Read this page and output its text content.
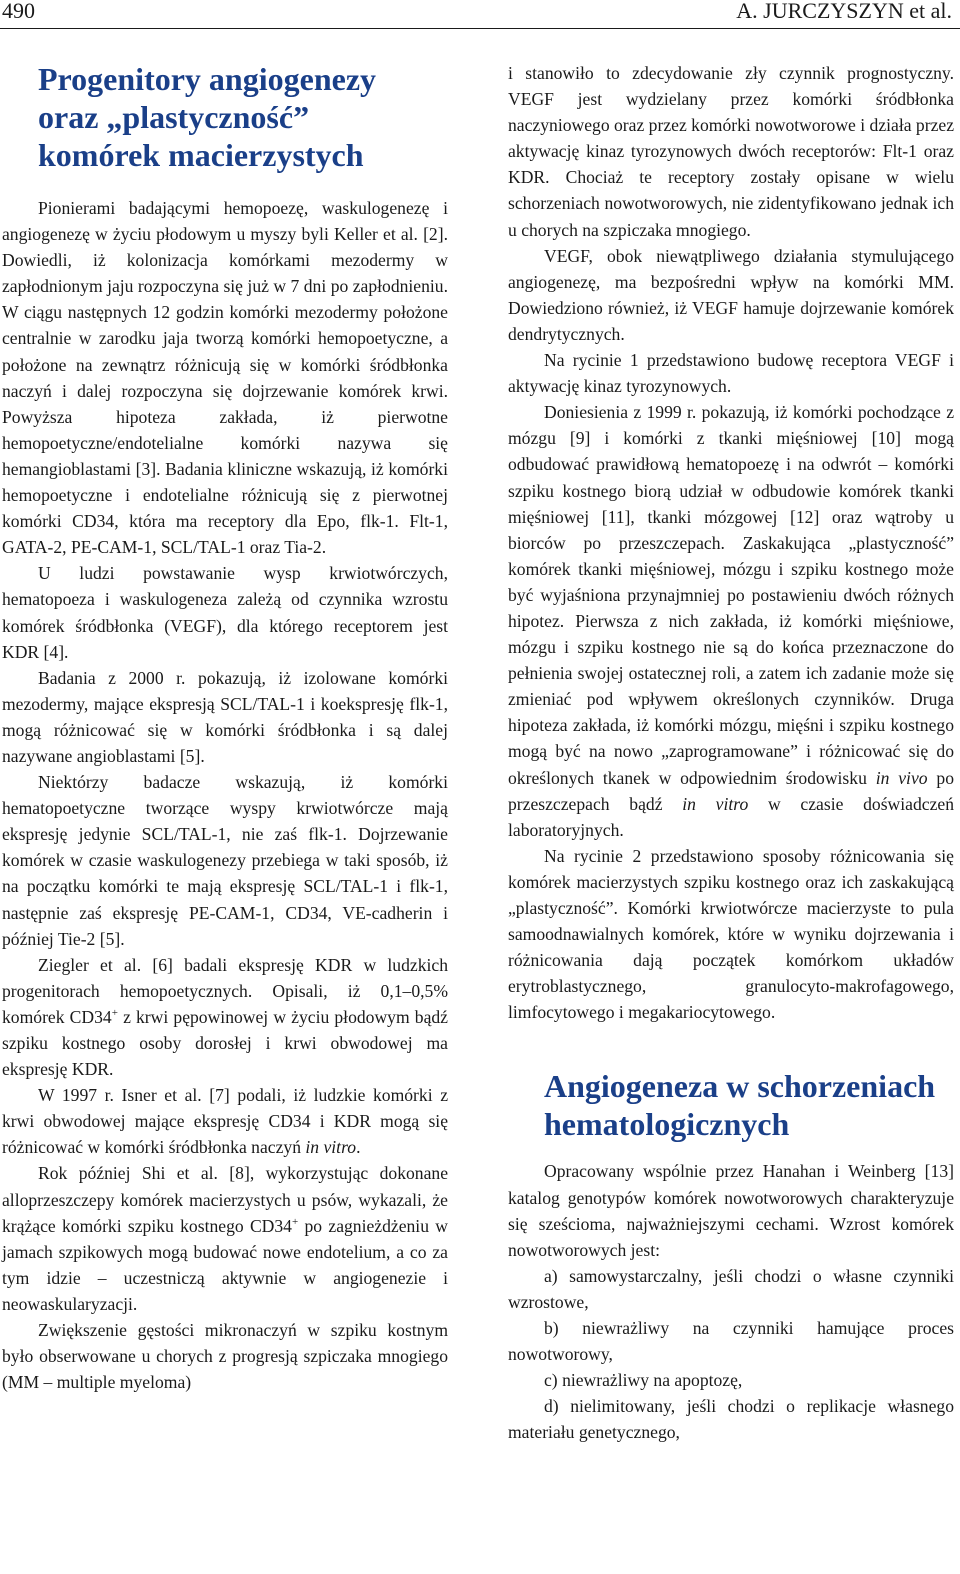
490	A. JURCZYSZYN et al.
Progenitory angiogenezy
oraz „plastyczność”
komórek macierzystych

Pionierami badającymi hemopoezę, waskulogenezę i angiogenezę w życiu płodowym u myszy byli Keller et al. [2]. Dowiedli, iż kolonizacja komórkami mezodermy w zapłodnionym jaju rozpoczyna się już w 7 dni po zapłodnieniu. W ciągu następnych 12 godzin komórki mezodermy położone centralnie w zarodku jaja tworzą komórki hemopoetyczne, a położone na zewnątrz różnicują się w komórki śródbłonka naczyń i dalej rozpoczyna się dojrzewanie komórek krwi. Powyższa hipoteza zakłada, iż pierwotne hemopoetyczne/endotelialne komórki nazywa się hemangioblastami [3]. Badania kliniczne wskazują, iż komórki hemopoetyczne i endotelialne różnicują się z pierwotnej komórki CD34, która ma receptory dla Epo, flk-1. Flt-1, GATA-2, PE-CAM-1, SCL/TAL-1 oraz Tia-2.

U ludzi powstawanie wysp krwiotwórczych, hematopoeza i waskulogeneza zależą od czynnika wzrostu komórek śródbłonka (VEGF), dla którego receptorem jest KDR [4].

Badania z 2000 r. pokazują, iż izolowane komórki mezodermy, mające ekspresją SCL/TAL-1 i koekspresję flk-1, mogą różnicować się w komórki śródbłonka i są dalej nazywane angioblastami [5].

Niektórzy badacze wskazują, iż komórki hematopoetyczne tworzące wyspy krwiotwórcze mają ekspresję jedynie SCL/TAL-1, nie zaś flk-1. Dojrzewanie komórek w czasie waskulogenezy przebiega w taki sposób, iż na początku komórki te mają ekspresję SCL/TAL-1 i flk-1, następnie zaś ekspresję PE-CAM-1, CD34, VE-cadherin i później Tie-2 [5].

Ziegler et al. [6] badali ekspresję KDR w ludzkich progenitorach hemopoetycznych. Opisali, iż 0,1–0,5% komórek CD34+ z krwi pępowinowej w życiu płodowym bądź szpiku kostnego osoby dorosłej i krwi obwodowej ma ekspresję KDR.

W 1997 r. Isner et al. [7] podali, iż ludzkie komórki z krwi obwodowej mające ekspresję CD34 i KDR mogą się różnicować w komórki śródbłonka naczyń in vitro.

Rok później Shi et al. [8], wykorzystując dokonane alloprzeszczepy komórek macierzystych u psów, wykazali, że krążące komórki szpiku kostnego CD34+ po zagnieżdżeniu w jamach szpikowych mogą budować nowe endotelium, a co za tym idzie – uczestniczą aktywnie w angiogenezie i neowaskularyzacji.

Zwiększenie gęstości mikronaczyń w szpiku kostnym było obserwowane u chorych z progresją szpiczaka mnogiego (MM – multiple myeloma)

i stanowiło to zdecydowanie zły czynnik prognostyczny. VEGF jest wydzielany przez komórki śródbłonka naczyniowego oraz przez komórki nowotworowe i działa przez aktywację kinaz tyrozynowych dwóch receptorów: Flt-1 oraz KDR. Chociaż te receptory zostały opisane w wielu schorzeniach nowotworowych, nie zidentyfikowano jednak ich u chorych na szpiczaka mnogiego.

VEGF, obok niewątpliwego działania stymulującego angiogenezę, ma bezpośredni wpływ na komórki MM. Dowiedziono również, iż VEGF hamuje dojrzewanie komórek dendrytycznych.

Na rycinie 1 przedstawiono budowę receptora VEGF i aktywację kinaz tyrozynowych.

Doniesienia z 1999 r. pokazują, iż komórki pochodzące z mózgu [9] i komórki z tkanki mięśniowej [10] mogą odbudować prawidłową hematopoezę i na odwrót – komórki szpiku kostnego biorą udział w odbudowie komórek tkanki mięśniowej [11], tkanki mózgowej [12] oraz wątroby u biorców po przeszczepach. Zaskakująca „plastyczność” komórek tkanki mięśniowej, mózgu i szpiku kostnego może być wyjaśniona przynajmniej po postawieniu dwóch różnych hipotez. Pierwsza z nich zakłada, iż komórki mięśniowe, mózgu i szpiku kostnego nie są do końca przeznaczone do pełnienia swojej ostatecznej roli, a zatem ich zadanie może się zmieniać pod wpływem określonych czynników. Druga hipoteza zakłada, iż komórki mózgu, mięśni i szpiku kostnego mogą być na nowo „zaprogramowane” i różnicować się do określonych tkanek w odpowiednim środowisku in vivo po przeszczepach bądź in vitro w czasie doświadczeń laboratoryjnych.

Na rycinie 2 przedstawiono sposoby różnicowania się komórek macierzystych szpiku kostnego oraz ich zaskakującą „plastyczność”. Komórki krwiotwórcze macierzyste to pula samoodnawialnych komórek, które w wyniku dojrzewania i różnicowania dają początek komórkom układów erytroblastycznego, granulocyto-makrofagowego, limfocytowego i megakariocytowego.

Angiogeneza w schorzeniach
hematologicznych

Opracowany wspólnie przez Hanahan i Weinberg [13] katalog genotypów komórek nowotworowych charakteryzuje się sześcioma, najważniejszymi cechami. Wzrost komórek nowotworowych jest:

a) samowystarczalny, jeśli chodzi o własne czynniki wzrostowe,

b) niewrażliwy na czynniki hamujące proces nowotworowy,

c) niewrażliwy na apoptozę,

d) nielimitowany, jeśli chodzi o replikacje własnego materiału genetycznego,
